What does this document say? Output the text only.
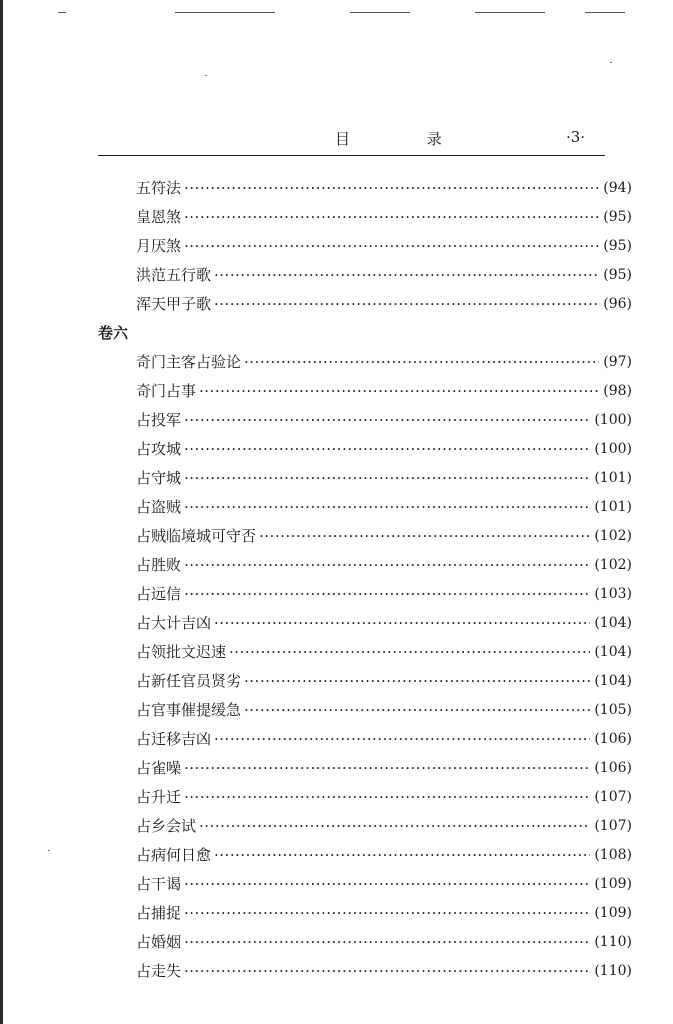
目 录	·3·
五符法 ·····	(94)
皇恩煞 ·····	(95)
月厌煞 ·····	(95)
洪范五行歌 ·····	(95)
浑天甲子歌 ·····	(96)
卷六
奇门主客占验论 ·····	(97)
奇门占事 ·····	(98)
占投军 ·····	(100)
占攻城 ·····	(100)
占守城 ·····	(101)
占盗贼 ·····	(101)
占贼临境城可守否 ·····	(102)
占胜败 ·····	(102)
占远信 ·····	(103)
占大计吉凶 ·····	(104)
占领批文迟速 ·····	(104)
占新任官员贤劣 ·····	(104)
占官事催提缓急 ·····	(105)
占迁移吉凶 ·····	(106)
占雀噪 ·····	(106)
占升迁 ·····	(107)
占乡会试 ·····	(107)
占病何日愈 ·····	(108)
占干谒 ·····	(109)
占捕捉 ·····	(109)
占婚姻 ·····	(110)
占走失 ·····	(110)
